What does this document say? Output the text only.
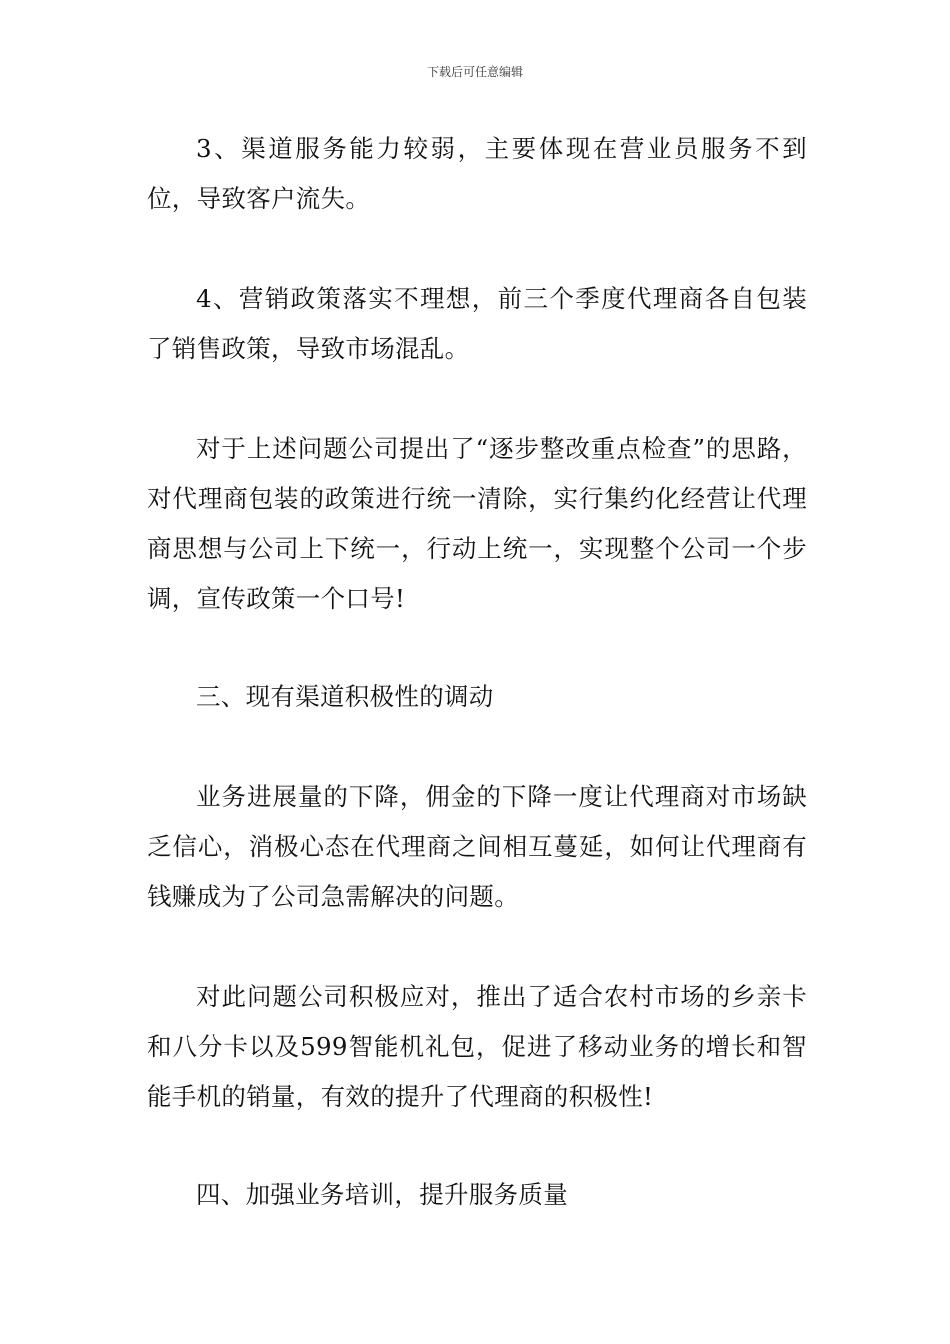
下载后可任意编辑

3、渠道服务能力较弱，主要体现在营业员服务不到位，导致客户流失。

4、营销政策落实不理想，前三个季度代理商各自包装了销售政策，导致市场混乱。

对于上述问题公司提出了“逐步整改重点检查”的思路，对代理商包装的政策进行统一清除，实行集约化经营让代理商思想与公司上下统一，行动上统一，实现整个公司一个步调，宣传政策一个口号!

三、现有渠道积极性的调动

业务进展量的下降，佣金的下降一度让代理商对市场缺乏信心，消极心态在代理商之间相互蔓延，如何让代理商有钱赚成为了公司急需解决的问题。

对此问题公司积极应对，推出了适合农村市场的乡亲卡和八分卡以及599智能机礼包，促进了移动业务的增长和智能手机的销量，有效的提升了代理商的积极性!

四、加强业务培训，提升服务质量
